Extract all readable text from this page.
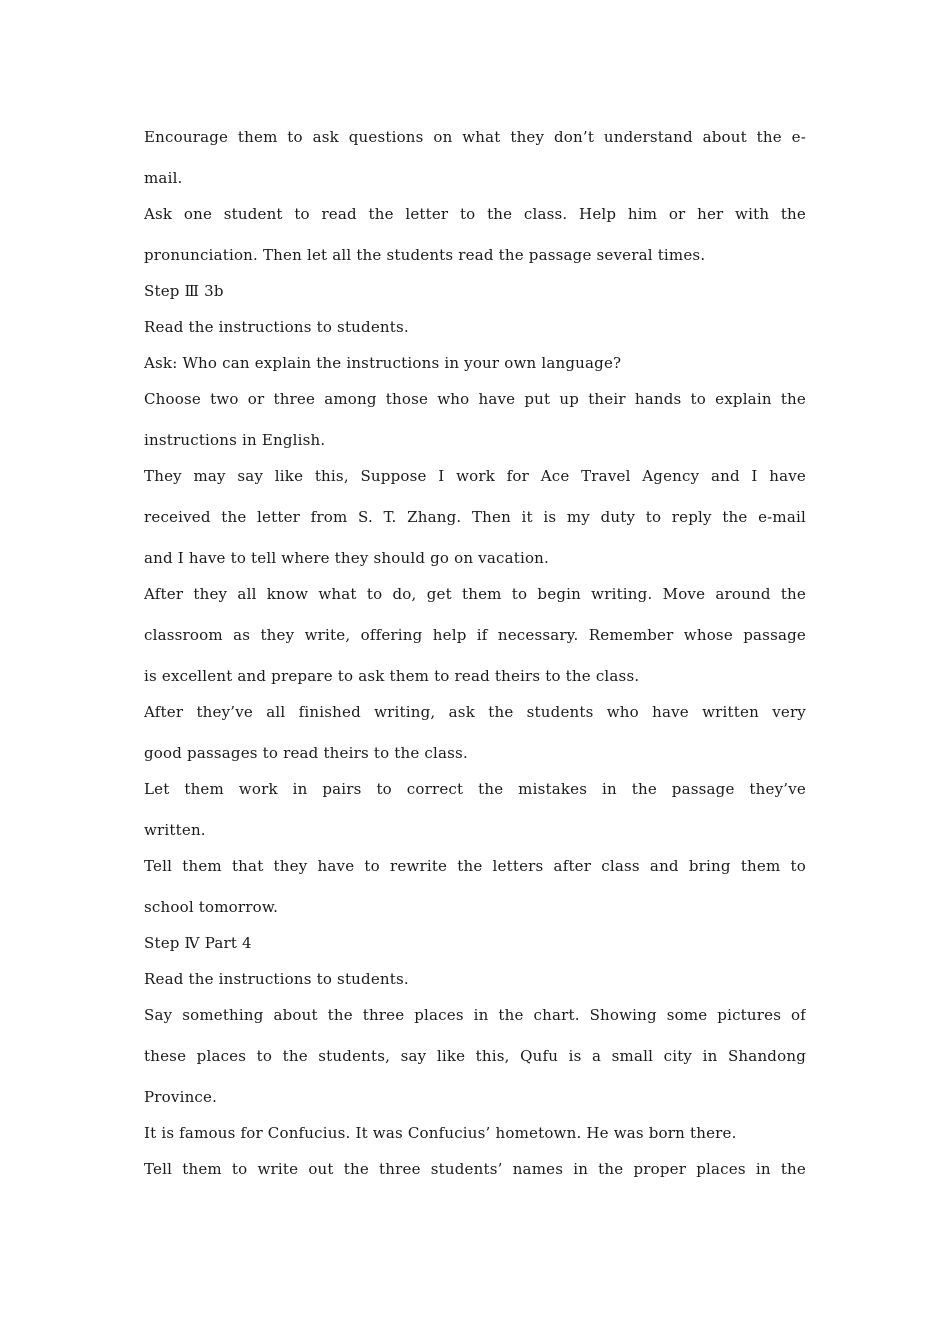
Encourage them to ask questions on what they don’t understand about the e-
mail.
Ask one student to read the letter to the class. Help him or her with the
pronunciation. Then let all the students read the passage several times.
Step Ⅲ 3b
Read the instructions to students.
Ask: Who can explain the instructions in your own language?
Choose two or three among those who have put up their hands to explain the
instructions in English.
They may say like this, Suppose I work for Ace Travel Agency and I have
received the letter from S. T. Zhang. Then it is my duty to reply the e-mail
and I have to tell where they should go on vacation.
After they all know what to do, get them to begin writing. Move around the
classroom as they write, offering help if necessary. Remember whose passage
is excellent and prepare to ask them to read theirs to the class.
After they’ve all finished writing, ask the students who have written very
good passages to read theirs to the class.
Let them work in pairs to correct the mistakes in the passage they’ve
written.
Tell them that they have to rewrite the letters after class and bring them to
school tomorrow.
Step Ⅳ Part 4
Read the instructions to students.
Say something about the three places in the chart. Showing some pictures of
these places to the students, say like this, Qufu is a small city in Shandong
Province.
It is famous for Confucius. It was Confucius’ hometown. He was born there.
Tell them to write out the three students’ names in the proper places in the
